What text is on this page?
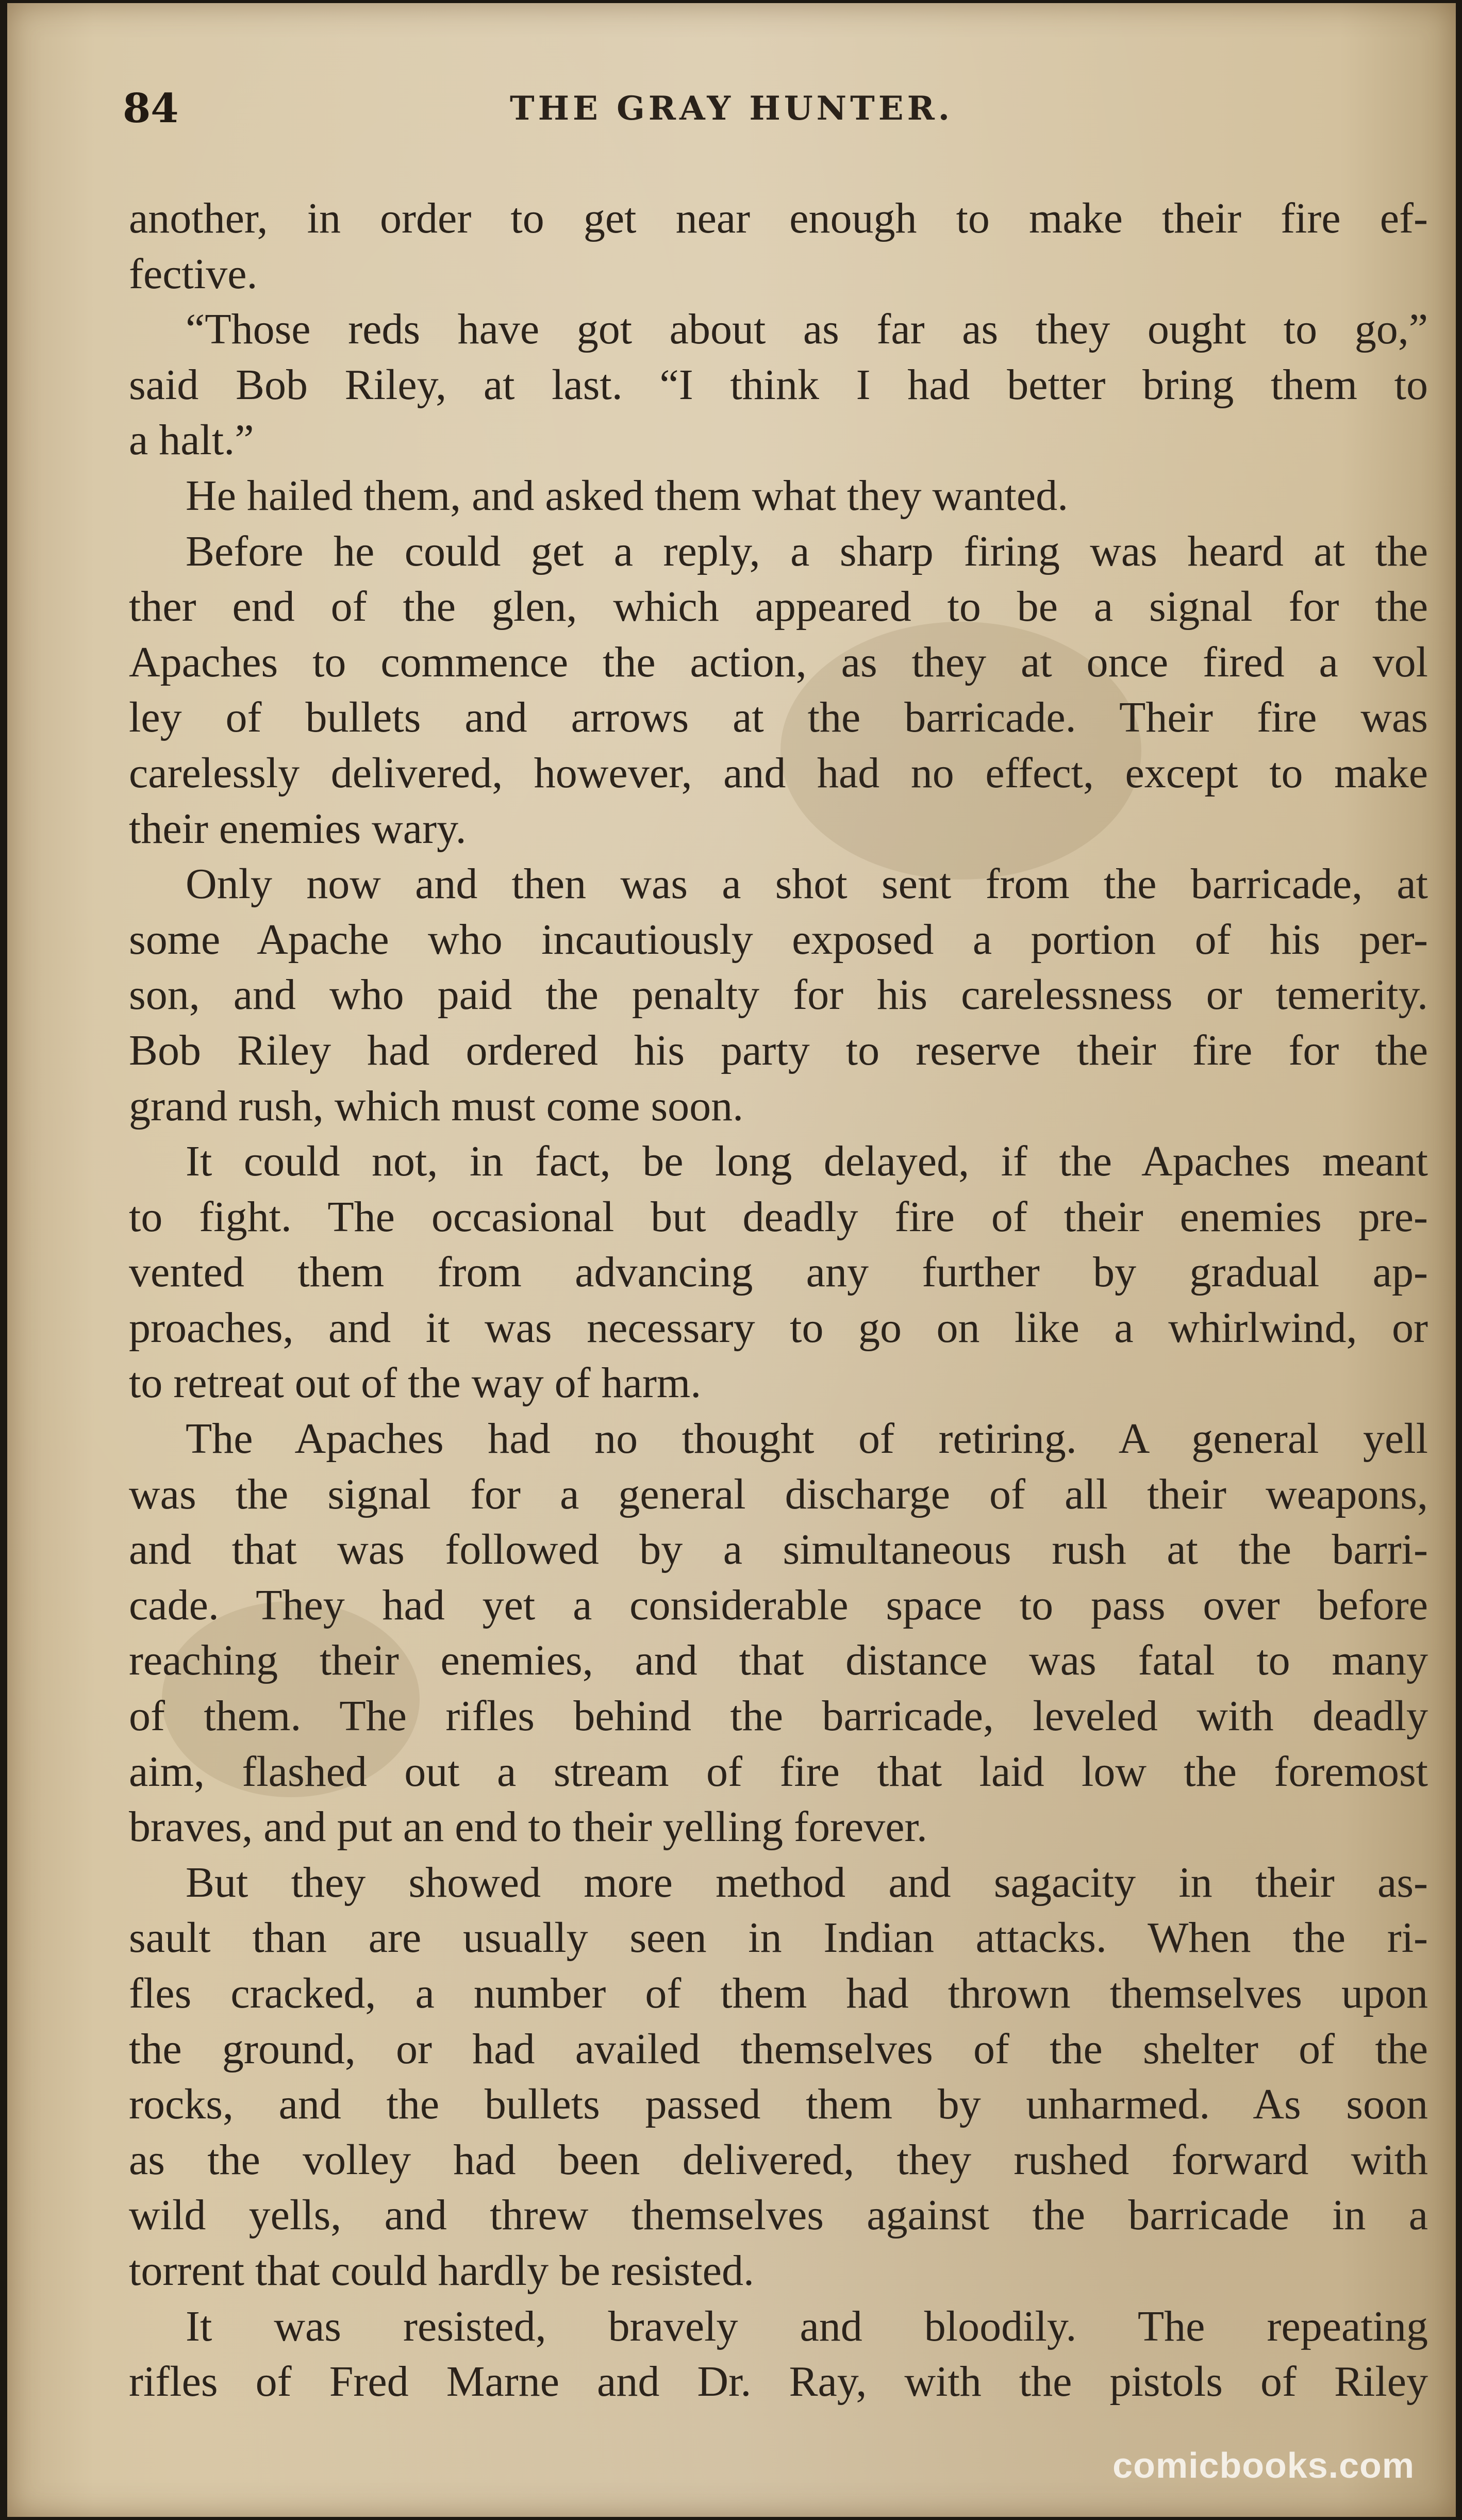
84	THE GRAY HUNTER.
another, in order to get near enough to make their fire ef-
fective.
“Those reds have got about as far as they ought to go,”
said Bob Riley, at last. “I think I had better bring them to
a halt.”
He hailed them, and asked them what they wanted.
Before he could get a reply, a sharp firing was heard at the
ther end of the glen, which appeared to be a signal for the
Apaches to commence the action, as they at once fired a vol
ley of bullets and arrows at the barricade. Their fire was
carelessly delivered, however, and had no effect, except to make
their enemies wary.
Only now and then was a shot sent from the barricade, at
some Apache who incautiously exposed a portion of his per-
son, and who paid the penalty for his carelessness or temerity.
Bob Riley had ordered his party to reserve their fire for the
grand rush, which must come soon.
It could not, in fact, be long delayed, if the Apaches meant
to fight. The occasional but deadly fire of their enemies pre-
vented them from advancing any further by gradual ap-
proaches, and it was necessary to go on like a whirlwind, or
to retreat out of the way of harm.
The Apaches had no thought of retiring. A general yell
was the signal for a general discharge of all their weapons,
and that was followed by a simultaneous rush at the barri-
cade. They had yet a considerable space to pass over before
reaching their enemies, and that distance was fatal to many
of them. The rifles behind the barricade, leveled with deadly
aim, flashed out a stream of fire that laid low the foremost
braves, and put an end to their yelling forever.
But they showed more method and sagacity in their as-
sault than are usually seen in Indian attacks. When the ri-
fles cracked, a number of them had thrown themselves upon
the ground, or had availed themselves of the shelter of the
rocks, and the bullets passed them by unharmed. As soon
as the volley had been delivered, they rushed forward with
wild yells, and threw themselves against the barricade in a
torrent that could hardly be resisted.
It was resisted, bravely and bloodily. The repeating
rifles of Fred Marne and Dr. Ray, with the pistols of Riley
comicbooks.com
